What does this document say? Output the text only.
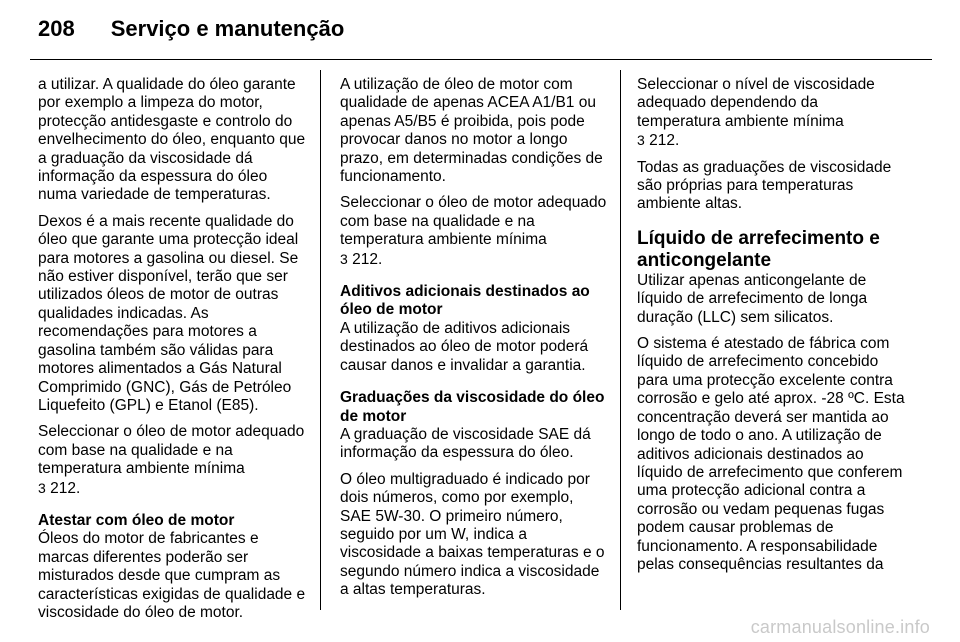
208 Serviço e manutenção

a utilizar. A qualidade do óleo garante por exemplo a limpeza do motor, protecção antidesgaste e controlo do envelhecimento do óleo, enquanto que a graduação da viscosidade dá informação da espessura do óleo numa variedade de temperaturas.

Dexos é a mais recente qualidade do óleo que garante uma protecção ideal para motores a gasolina ou diesel. Se não estiver disponível, terão que ser utilizados óleos de motor de outras qualidades indicadas. As recomendações para motores a gasolina também são válidas para motores alimentados a Gás Natural Comprimido (GNC), Gás de Petróleo Liquefeito (GPL) e Etanol (E85).

Seleccionar o óleo de motor adequado com base na qualidade e na temperatura ambiente mínima
3 212.

Atestar com óleo de motor
Óleos do motor de fabricantes e marcas diferentes poderão ser misturados desde que cumpram as características exigidas de qualidade e viscosidade do óleo de motor.

A utilização de óleo de motor com qualidade de apenas ACEA A1/B1 ou apenas A5/B5 é proibida, pois pode provocar danos no motor a longo prazo, em determinadas condições de funcionamento.

Seleccionar o óleo de motor adequado com base na qualidade e na temperatura ambiente mínima
3 212.

Aditivos adicionais destinados ao óleo de motor
A utilização de aditivos adicionais destinados ao óleo de motor poderá causar danos e invalidar a garantia.

Graduações da viscosidade do óleo de motor
A graduação de viscosidade SAE dá informação da espessura do óleo.

O óleo multigraduado é indicado por dois números, como por exemplo, SAE 5W-30. O primeiro número, seguido por um W, indica a viscosidade a baixas temperaturas e o segundo número indica a viscosidade a altas temperaturas.

Seleccionar o nível de viscosidade adequado dependendo da temperatura ambiente mínima
3 212.

Todas as graduações de viscosidade são próprias para temperaturas ambiente altas.

Líquido de arrefecimento e anticongelante
Utilizar apenas anticongelante de líquido de arrefecimento de longa duração (LLC) sem silicatos.

O sistema é atestado de fábrica com líquido de arrefecimento concebido para uma protecção excelente contra corrosão e gelo até aprox. -28 ºC. Esta concentração deverá ser mantida ao longo de todo o ano. A utilização de aditivos adicionais destinados ao líquido de arrefecimento que conferem uma protecção adicional contra a corrosão ou vedam pequenas fugas podem causar problemas de funcionamento. A responsabilidade pelas consequências resultantes da

carmanualsonline.info
